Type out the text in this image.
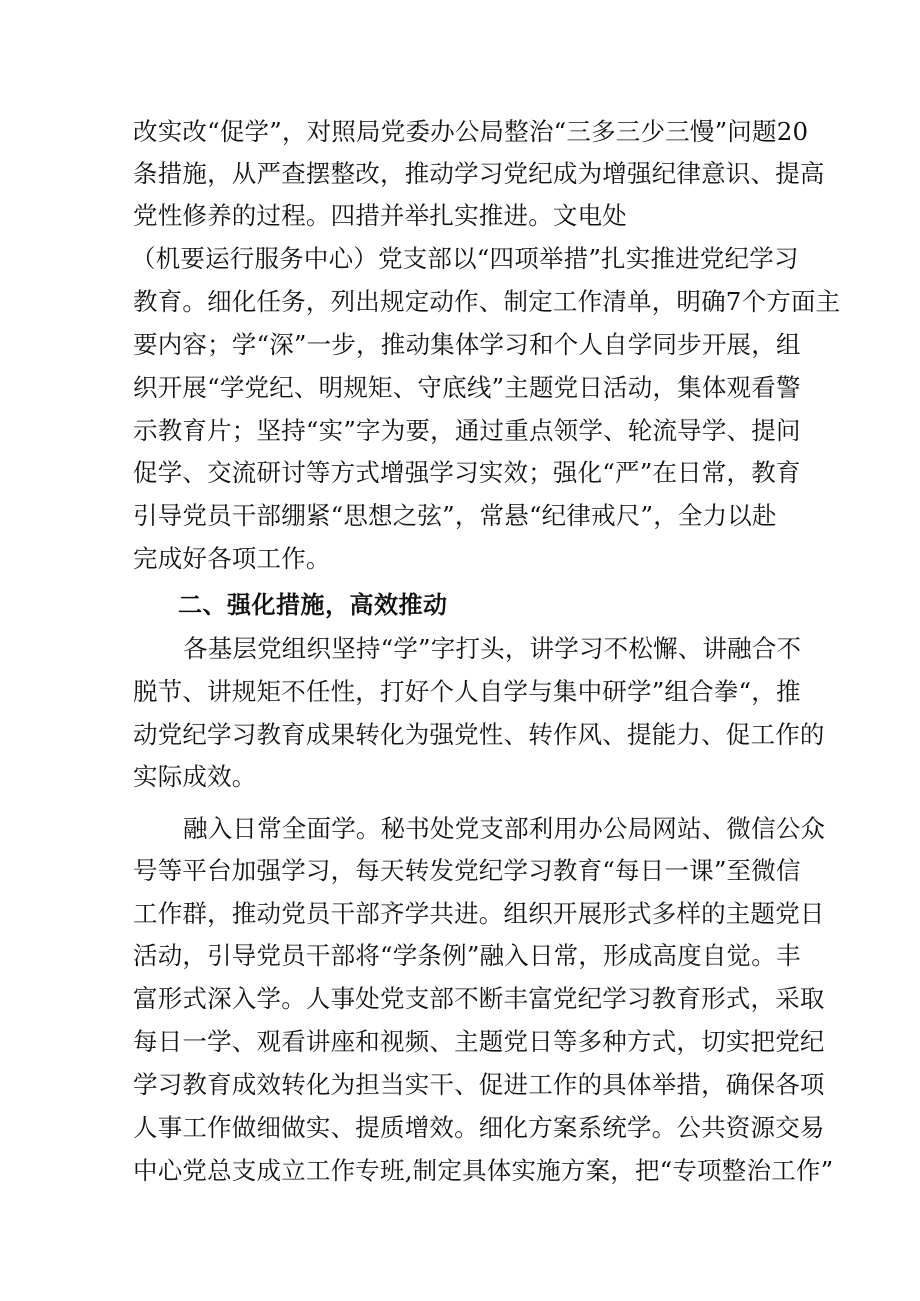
改实改“促学”，对照局党委办公局整治“三多三少三慢”问题20
条措施，从严查摆整改，推动学习党纪成为增强纪律意识、提高
党性修养的过程。四措并举扎实推进。文电处
（机要运行服务中心）党支部以“四项举措”扎实推进党纪学习
教育。细化任务，列出规定动作、制定工作清单，明确7个方面主
要内容；学“深”一步，推动集体学习和个人自学同步开展，组
织开展“学党纪、明规矩、守底线”主题党日活动，集体观看警
示教育片；坚持“实”字为要，通过重点领学、轮流导学、提问
促学、交流研讨等方式增强学习实效；强化“严”在日常，教育
引导党员干部绷紧“思想之弦”，常悬“纪律戒尺”，全力以赴
完成好各项工作。
二、强化措施，高效推动
各基层党组织坚持“学”字打头，讲学习不松懈、讲融合不
脱节、讲规矩不任性，打好个人自学与集中研学”组合拳“，推
动党纪学习教育成果转化为强党性、转作风、提能力、促工作的
实际成效。
融入日常全面学。秘书处党支部利用办公局网站、微信公众
号等平台加强学习，每天转发党纪学习教育“每日一课”至微信
工作群，推动党员干部齐学共进。组织开展形式多样的主题党日
活动，引导党员干部将“学条例”融入日常，形成高度自觉。丰
富形式深入学。人事处党支部不断丰富党纪学习教育形式，采取
每日一学、观看讲座和视频、主题党日等多种方式，切实把党纪
学习教育成效转化为担当实干、促进工作的具体举措，确保各项
人事工作做细做实、提质增效。细化方案系统学。公共资源交易
中心党总支成立工作专班,制定具体实施方案，把“专项整治工作”
